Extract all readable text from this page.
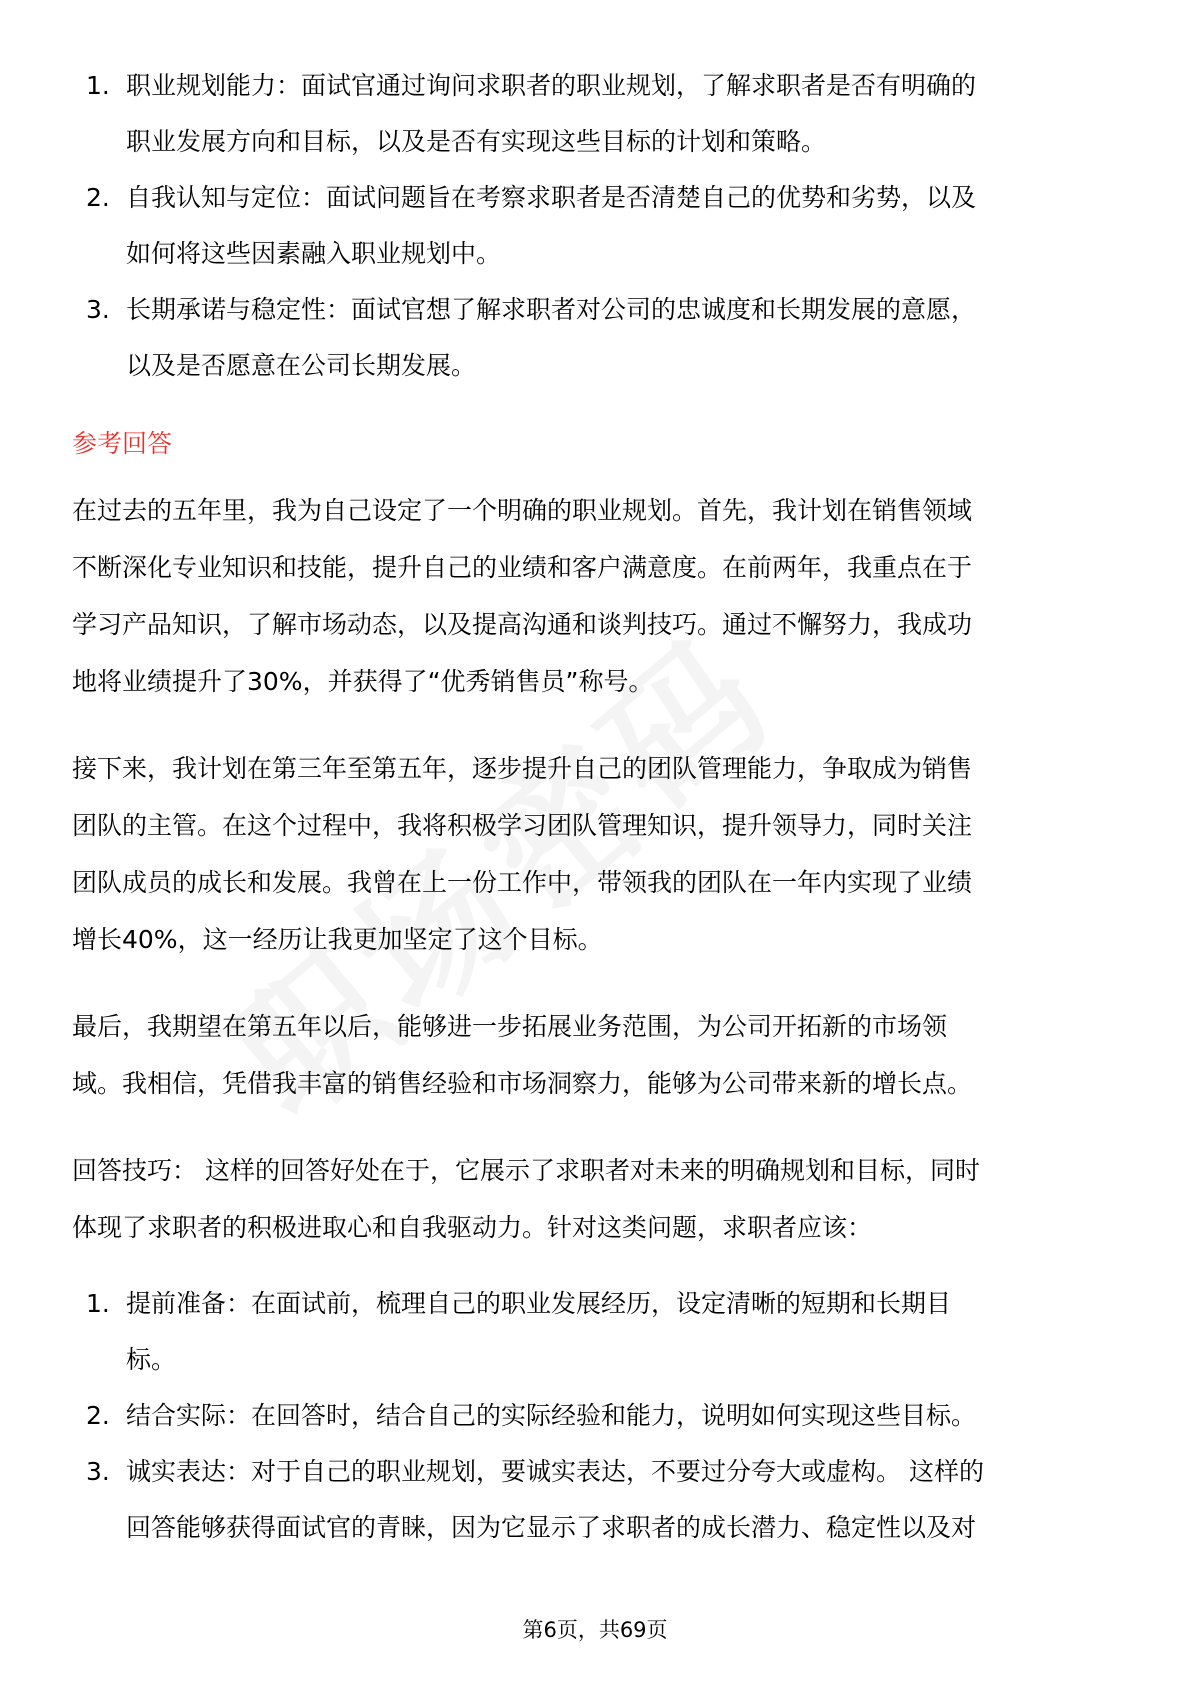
1. 职业规划能力：面试官通过询问求职者的职业规划，了解求职者是否有明确的
职业发展方向和目标，以及是否有实现这些目标的计划和策略。
2. 自我认知与定位：面试问题旨在考察求职者是否清楚自己的优势和劣势，以及
如何将这些因素融入职业规划中。
3. 长期承诺与稳定性：面试官想了解求职者对公司的忠诚度和长期发展的意愿，
以及是否愿意在公司长期发展。
参考回答
在过去的五年里，我为自己设定了一个明确的职业规划。首先，我计划在销售领域
不断深化专业知识和技能，提升自己的业绩和客户满意度。在前两年，我重点在于
学习产品知识，了解市场动态，以及提高沟通和谈判技巧。通过不懈努力，我成功
地将业绩提升了30%，并获得了“优秀销售员”称号。
接下来，我计划在第三年至第五年，逐步提升自己的团队管理能力，争取成为销售
团队的主管。在这个过程中，我将积极学习团队管理知识，提升领导力，同时关注
团队成员的成长和发展。我曾在上一份工作中，带领我的团队在一年内实现了业绩
增长40%，这一经历让我更加坚定了这个目标。
最后，我期望在第五年以后，能够进一步拓展业务范围，为公司开拓新的市场领
域。我相信，凭借我丰富的销售经验和市场洞察力，能够为公司带来新的增长点。
回答技巧： 这样的回答好处在于，它展示了求职者对未来的明确规划和目标，同时
体现了求职者的积极进取心和自我驱动力。针对这类问题，求职者应该：
1. 提前准备：在面试前，梳理自己的职业发展经历，设定清晰的短期和长期目
标。
2. 结合实际：在回答时，结合自己的实际经验和能力，说明如何实现这些目标。
3. 诚实表达：对于自己的职业规划，要诚实表达，不要过分夸大或虚构。 这样的
回答能够获得面试官的青睐，因为它显示了求职者的成长潜力、稳定性以及对
第6页，共69页
